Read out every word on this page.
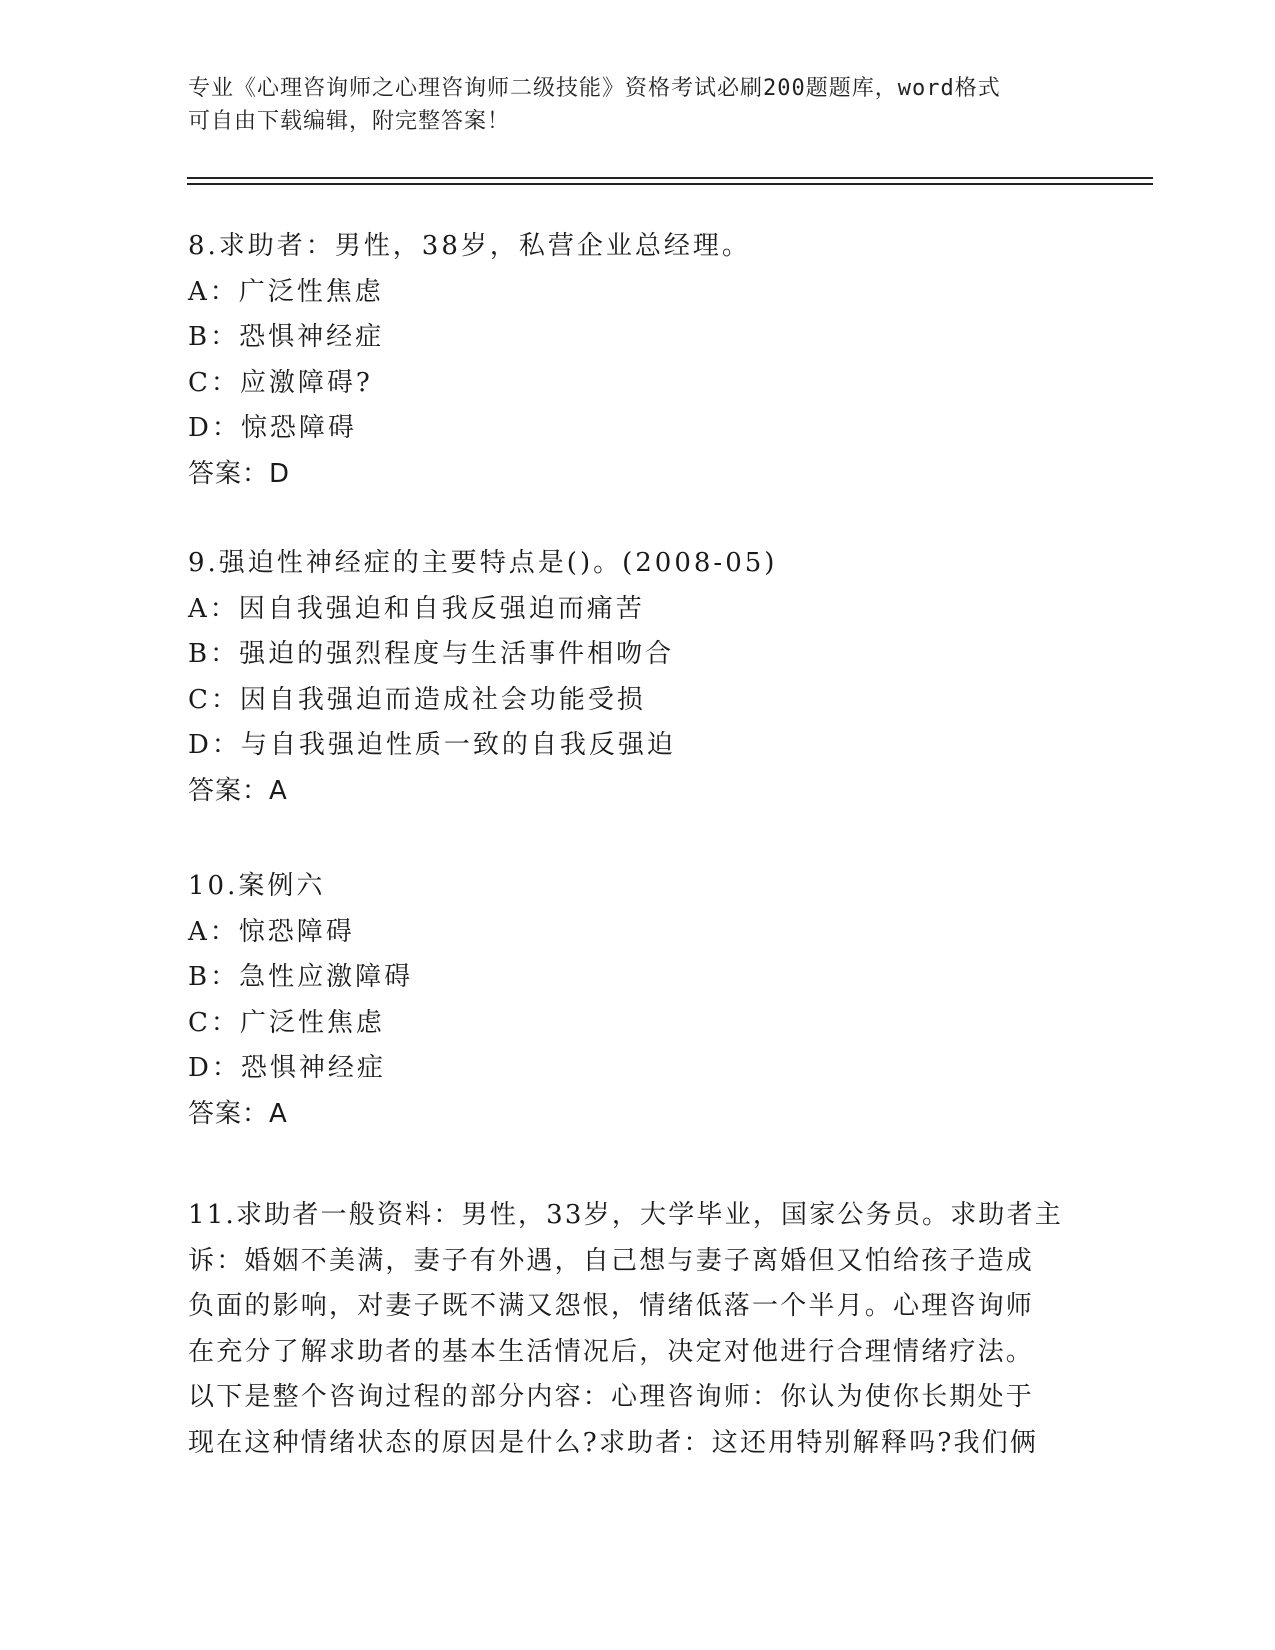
专业《心理咨询师之心理咨询师二级技能》资格考试必刷200题题库，word格式
可自由下载编辑，附完整答案！
8.求助者：男性，38岁，私营企业总经理。
A：广泛性焦虑
B：恐惧神经症
C：应激障碍?
D：惊恐障碍
答案：D
9.强迫性神经症的主要特点是()。(2008-05)
A：因自我强迫和自我反强迫而痛苦
B：强迫的强烈程度与生活事件相吻合
C：因自我强迫而造成社会功能受损
D：与自我强迫性质一致的自我反强迫
答案：A
10.案例六
A：惊恐障碍
B：急性应激障碍
C：广泛性焦虑
D：恐惧神经症
答案：A
11.求助者一般资料：男性，33岁，大学毕业，国家公务员。求助者主
诉：婚姻不美满，妻子有外遇，自己想与妻子离婚但又怕给孩子造成
负面的影响，对妻子既不满又怨恨，情绪低落一个半月。心理咨询师
在充分了解求助者的基本生活情况后，决定对他进行合理情绪疗法。
以下是整个咨询过程的部分内容：心理咨询师：你认为使你长期处于
现在这种情绪状态的原因是什么?求助者：这还用特别解释吗?我们俩
